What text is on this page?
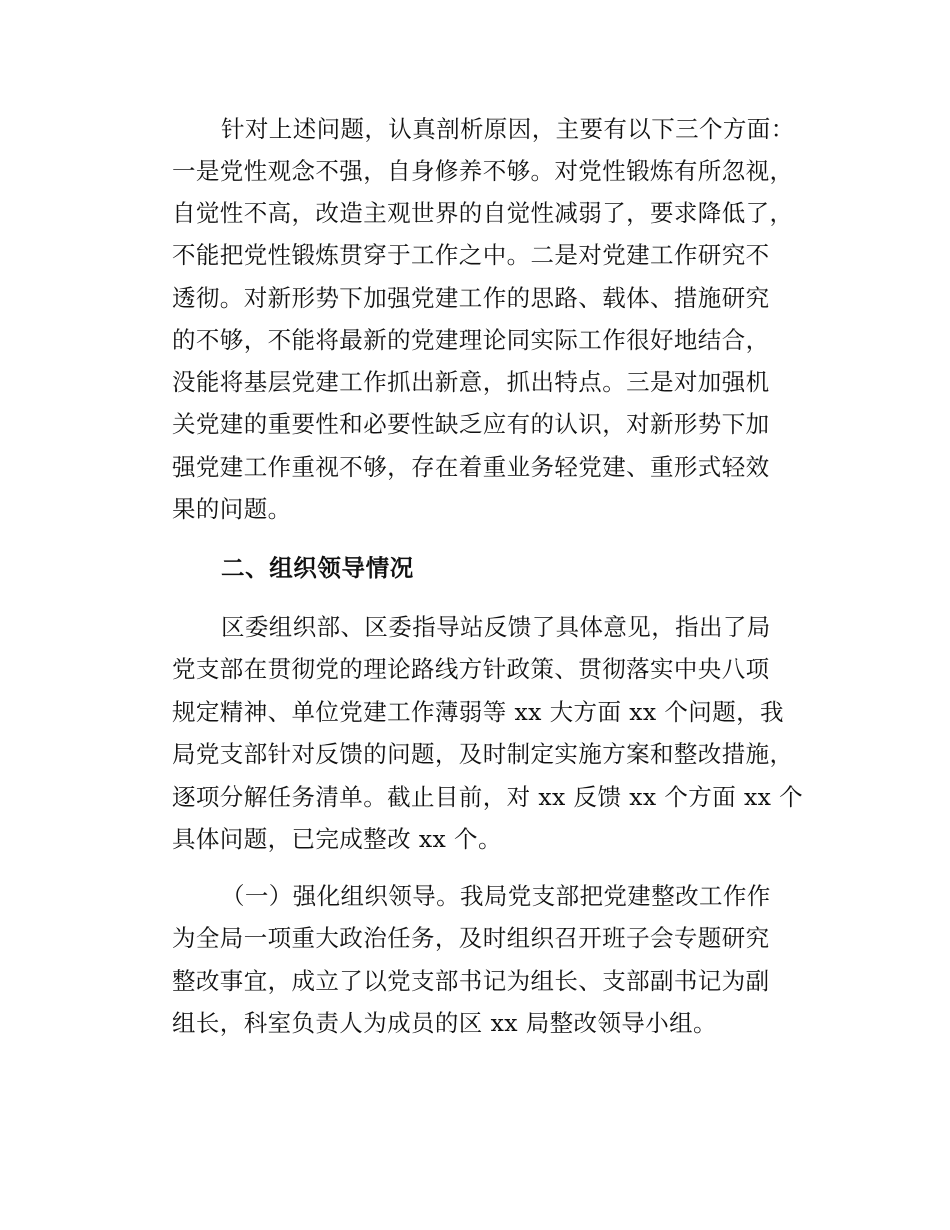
针对上述问题，认真剖析原因，主要有以下三个方面：
一是党性观念不强，自身修养不够。对党性锻炼有所忽视，
自觉性不高，改造主观世界的自觉性减弱了，要求降低了，
不能把党性锻炼贯穿于工作之中。二是对党建工作研究不
透彻。对新形势下加强党建工作的思路、载体、措施研究
的不够，不能将最新的党建理论同实际工作很好地结合，
没能将基层党建工作抓出新意，抓出特点。三是对加强机
关党建的重要性和必要性缺乏应有的认识，对新形势下加
强党建工作重视不够，存在着重业务轻党建、重形式轻效
果的问题。
二、组织领导情况
区委组织部、区委指导站反馈了具体意见，指出了局
党支部在贯彻党的理论路线方针政策、贯彻落实中央八项
规定精神、单位党建工作薄弱等 xx 大方面 xx 个问题，我
局党支部针对反馈的问题，及时制定实施方案和整改措施，
逐项分解任务清单。截止目前，对 xx 反馈 xx 个方面 xx 个
具体问题，已完成整改 xx 个。
（一）强化组织领导。我局党支部把党建整改工作作
为全局一项重大政治任务，及时组织召开班子会专题研究
整改事宜，成立了以党支部书记为组长、支部副书记为副
组长，科室负责人为成员的区 xx 局整改领导小组。
